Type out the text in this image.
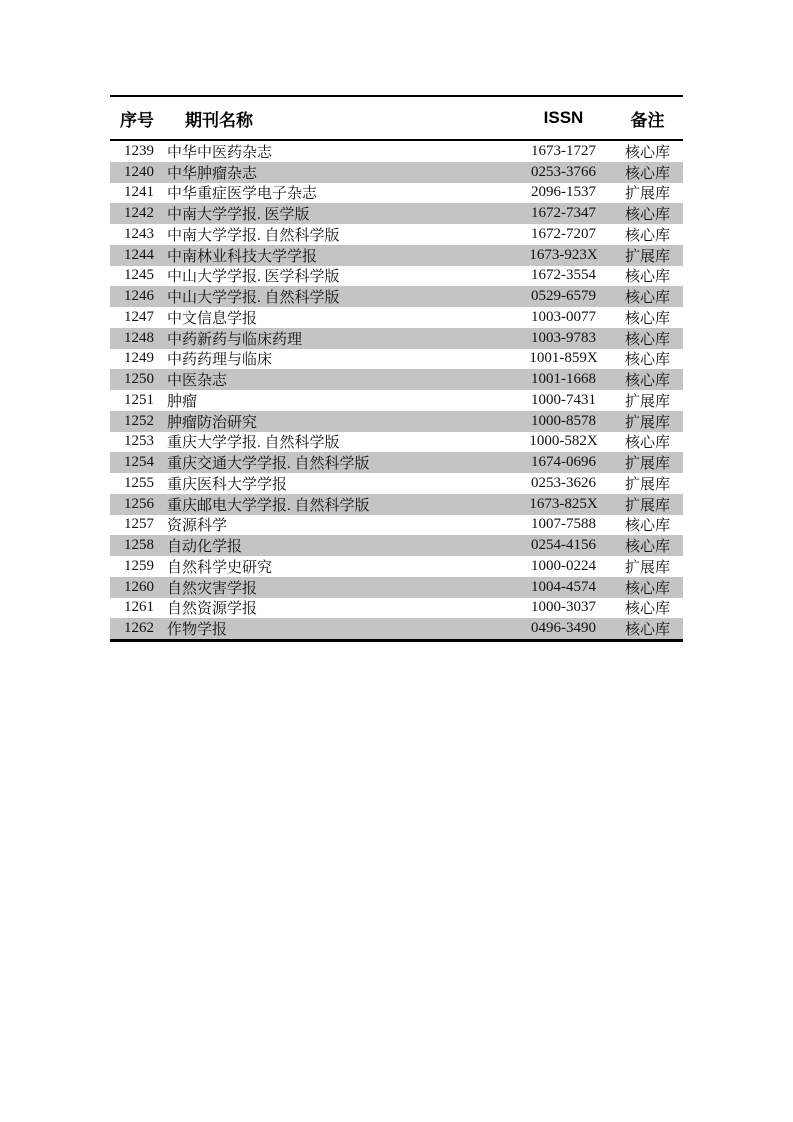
序号	期刊名称	ISSN	备注
1239 中华中医药杂志	1673-1727	核心库
1240 中华肿瘤杂志	0253-3766	核心库
1241 中华重症医学电子杂志	2096-1537	扩展库
1242 中南大学学报. 医学版	1672-7347	核心库
1243 中南大学学报. 自然科学版	1672-7207	核心库
1244 中南林业科技大学学报	1673-923X	扩展库
1245 中山大学学报. 医学科学版	1672-3554	核心库
1246 中山大学学报. 自然科学版	0529-6579	核心库
1247 中文信息学报	1003-0077	核心库
1248 中药新药与临床药理	1003-9783	核心库
1249 中药药理与临床	1001-859X	核心库
1250 中医杂志	1001-1668	核心库
1251 肿瘤	1000-7431	扩展库
1252 肿瘤防治研究	1000-8578	扩展库
1253 重庆大学学报. 自然科学版	1000-582X	核心库
1254 重庆交通大学学报. 自然科学版	1674-0696	扩展库
1255 重庆医科大学学报	0253-3626	扩展库
1256 重庆邮电大学学报. 自然科学版	1673-825X	扩展库
1257 资源科学	1007-7588	核心库
1258 自动化学报	0254-4156	核心库
1259 自然科学史研究	1000-0224	扩展库
1260 自然灾害学报	1004-4574	核心库
1261 自然资源学报	1000-3037	核心库
1262 作物学报	0496-3490	核心库
